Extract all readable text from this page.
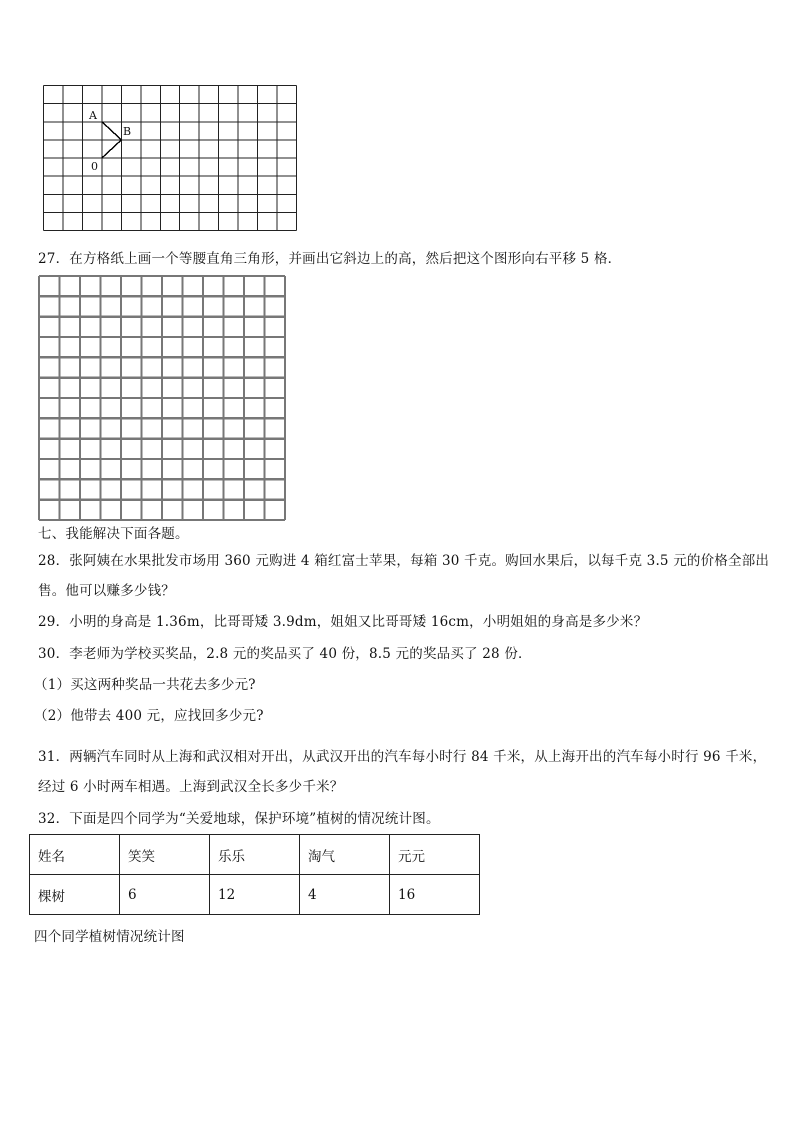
A
B
0
27．在方格纸上画一个等腰直角三角形，并画出它斜边上的高，然后把这个图形向右平移 5 格．
七、我能解决下面各题。
28．张阿姨在水果批发市场用 360 元购进 4 箱红富士苹果，每箱 30 千克。购回水果后，以每千克 3.5 元的价格全部出
售。他可以赚多少钱？
29．小明的身高是 1.36m，比哥哥矮 3.9dm，姐姐又比哥哥矮 16cm，小明姐姐的身高是多少米？
30．李老师为学校买奖品，2.8 元的奖品买了 40 份，8.5 元的奖品买了 28 份．
（1）买这两种奖品一共花去多少元?
（2）他带去 400 元，应找回多少元?
31．两辆汽车同时从上海和武汉相对开出，从武汉开出的汽车每小时行 84 千米，从上海开出的汽车每小时行 96 千米，
经过 6 小时两车相遇。上海到武汉全长多少千米？
32．下面是四个同学为“关爱地球，保护环境”植树的情况统计图。
姓名	笑笑	乐乐	淘气	元元
棵树	6	12	4	16
四个同学植树情况统计图
